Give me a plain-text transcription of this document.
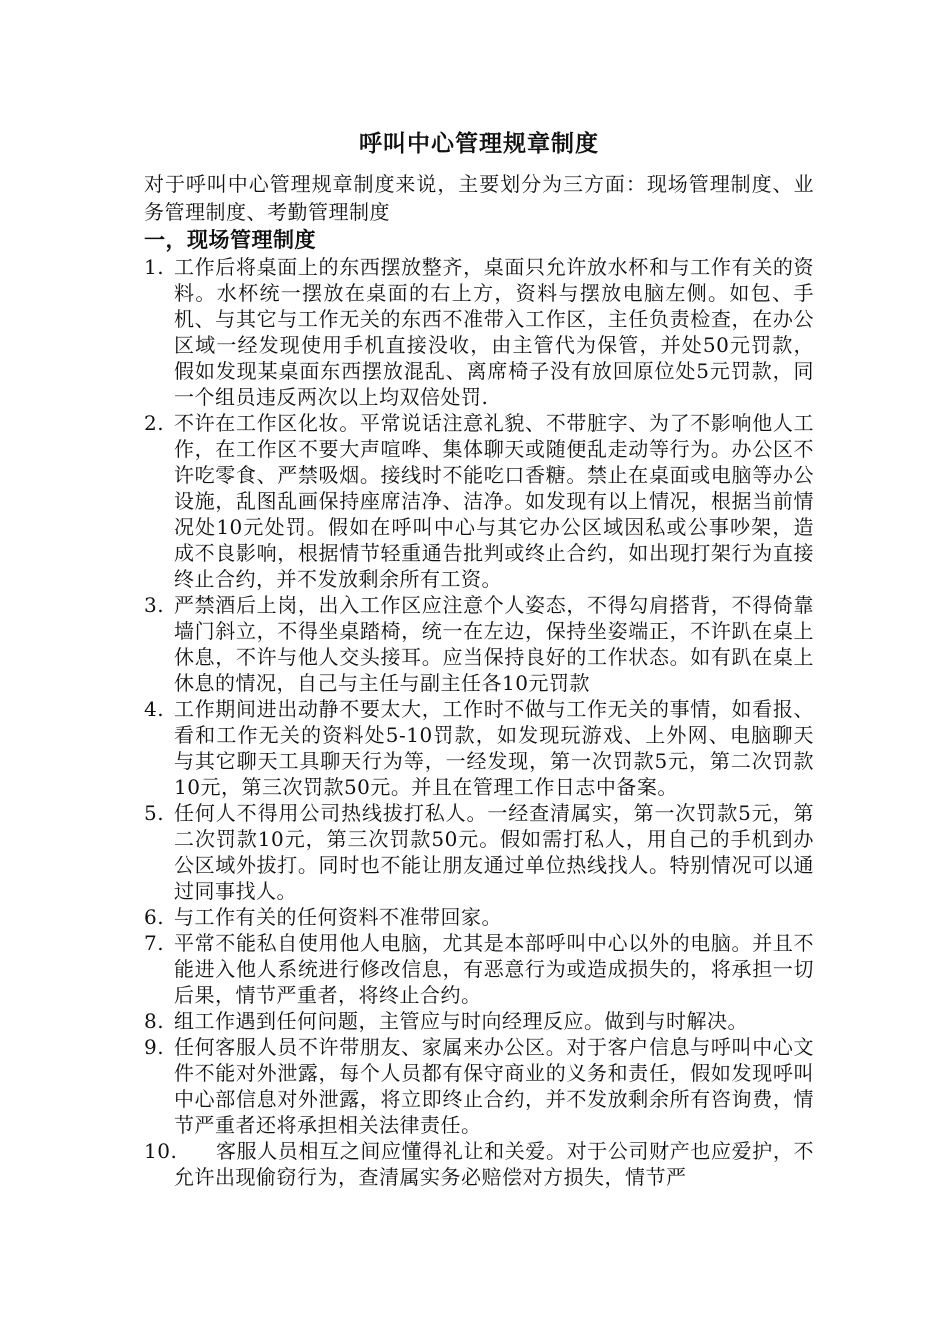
呼叫中心管理规章制度

对于呼叫中心管理规章制度来说，主要划分为三方面：现场管理制度、业务管理制度、考勤管理制度

一，现场管理制度
1. 工作后将桌面上的东西摆放整齐，桌面只允许放水杯和与工作有关的资料。水杯统一摆放在桌面的右上方，资料与摆放电脑左侧。如包、手机、与其它与工作无关的东西不准带入工作区，主任负责检查，在办公区域一经发现使用手机直接没收，由主管代为保管，并处50元罚款，假如发现某桌面东西摆放混乱、离席椅子没有放回原位处5元罚款，同一个组员违反两次以上均双倍处罚.
2. 不许在工作区化妆。平常说话注意礼貌、不带脏字、为了不影响他人工作，在工作区不要大声喧哗、集体聊天或随便乱走动等行为。办公区不许吃零食、严禁吸烟。接线时不能吃口香糖。禁止在桌面或电脑等办公设施，乱图乱画保持座席洁净、洁净。如发现有以上情况，根据当前情况处10元处罚。假如在呼叫中心与其它办公区域因私或公事吵架，造成不良影响，根据情节轻重通告批判或终止合约，如出现打架行为直接终止合约，并不发放剩余所有工资。
3. 严禁酒后上岗，出入工作区应注意个人姿态，不得勾肩搭背，不得倚靠墙门斜立，不得坐桌踏椅，统一在左边，保持坐姿端正，不许趴在桌上休息，不许与他人交头接耳。应当保持良好的工作状态。如有趴在桌上休息的情况，自己与主任与副主任各10元罚款
4. 工作期间进出动静不要太大，工作时不做与工作无关的事情，如看报、看和工作无关的资料处5-10罚款，如发现玩游戏、上外网、电脑聊天与其它聊天工具聊天行为等，一经发现，第一次罚款5元，第二次罚款10元，第三次罚款50元。并且在管理工作日志中备案。
5. 任何人不得用公司热线拔打私人。一经查清属实，第一次罚款5元，第二次罚款10元，第三次罚款50元。假如需打私人，用自己的手机到办公区域外拔打。同时也不能让朋友通过单位热线找人。特别情况可以通过同事找人。
6. 与工作有关的任何资料不准带回家。
7. 平常不能私自使用他人电脑，尤其是本部呼叫中心以外的电脑。并且不能进入他人系统进行修改信息，有恶意行为或造成损失的，将承担一切后果，情节严重者，将终止合约。
8. 组工作遇到任何问题，主管应与时向经理反应。做到与时解决。
9. 任何客服人员不许带朋友、家属来办公区。对于客户信息与呼叫中心文件不能对外泄露，每个人员都有保守商业的义务和责任，假如发现呼叫中心部信息对外泄露，将立即终止合约，并不发放剩余所有咨询费，情节严重者还将承担相关法律责任。
10.	客服人员相互之间应懂得礼让和关爱。对于公司财产也应爱护，不允许出现偷窃行为，查清属实务必赔偿对方损失，情节严
